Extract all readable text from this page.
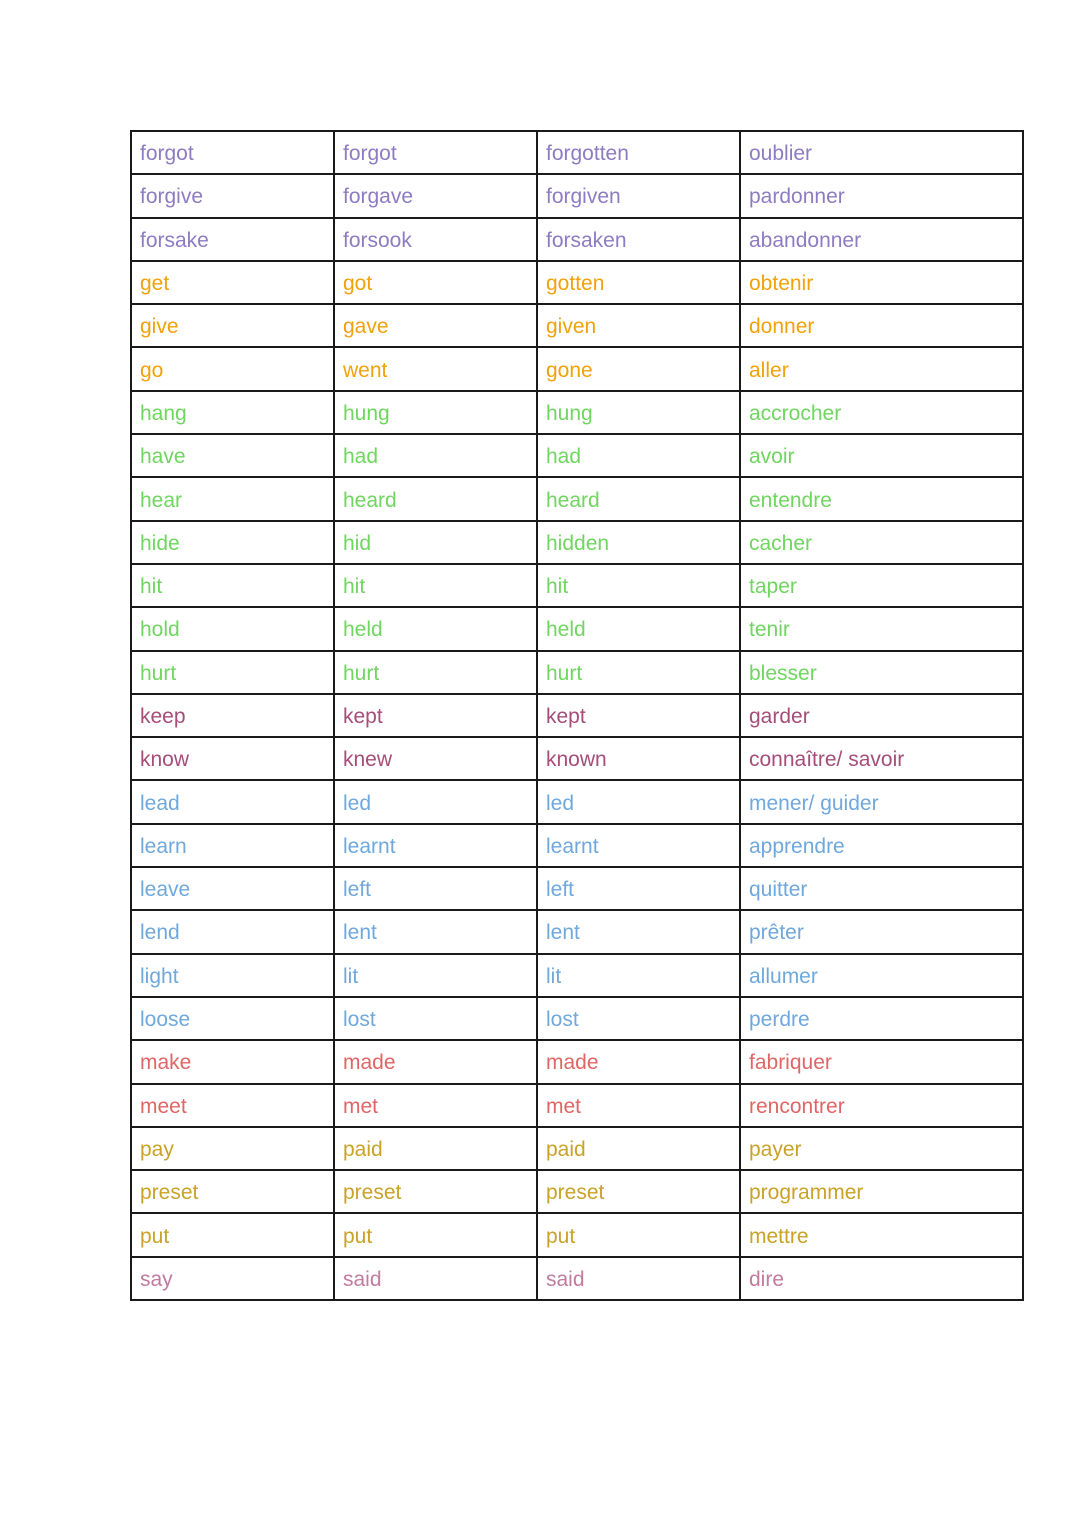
forgot	forgot	forgotten	oublier
forgive	forgave	forgiven	pardonner
forsake	forsook	forsaken	abandonner
get	got	gotten	obtenir
give	gave	given	donner
go	went	gone	aller
hang	hung	hung	accrocher
have	had	had	avoir
hear	heard	heard	entendre
hide	hid	hidden	cacher
hit	hit	hit	taper
hold	held	held	tenir
hurt	hurt	hurt	blesser
keep	kept	kept	garder
know	knew	known	connaître/ savoir
lead	led	led	mener/ guider
learn	learnt	learnt	apprendre
leave	left	left	quitter
lend	lent	lent	prêter
light	lit	lit	allumer
loose	lost	lost	perdre
make	made	made	fabriquer
meet	met	met	rencontrer
pay	paid	paid	payer
preset	preset	preset	programmer
put	put	put	mettre
say	said	said	dire
